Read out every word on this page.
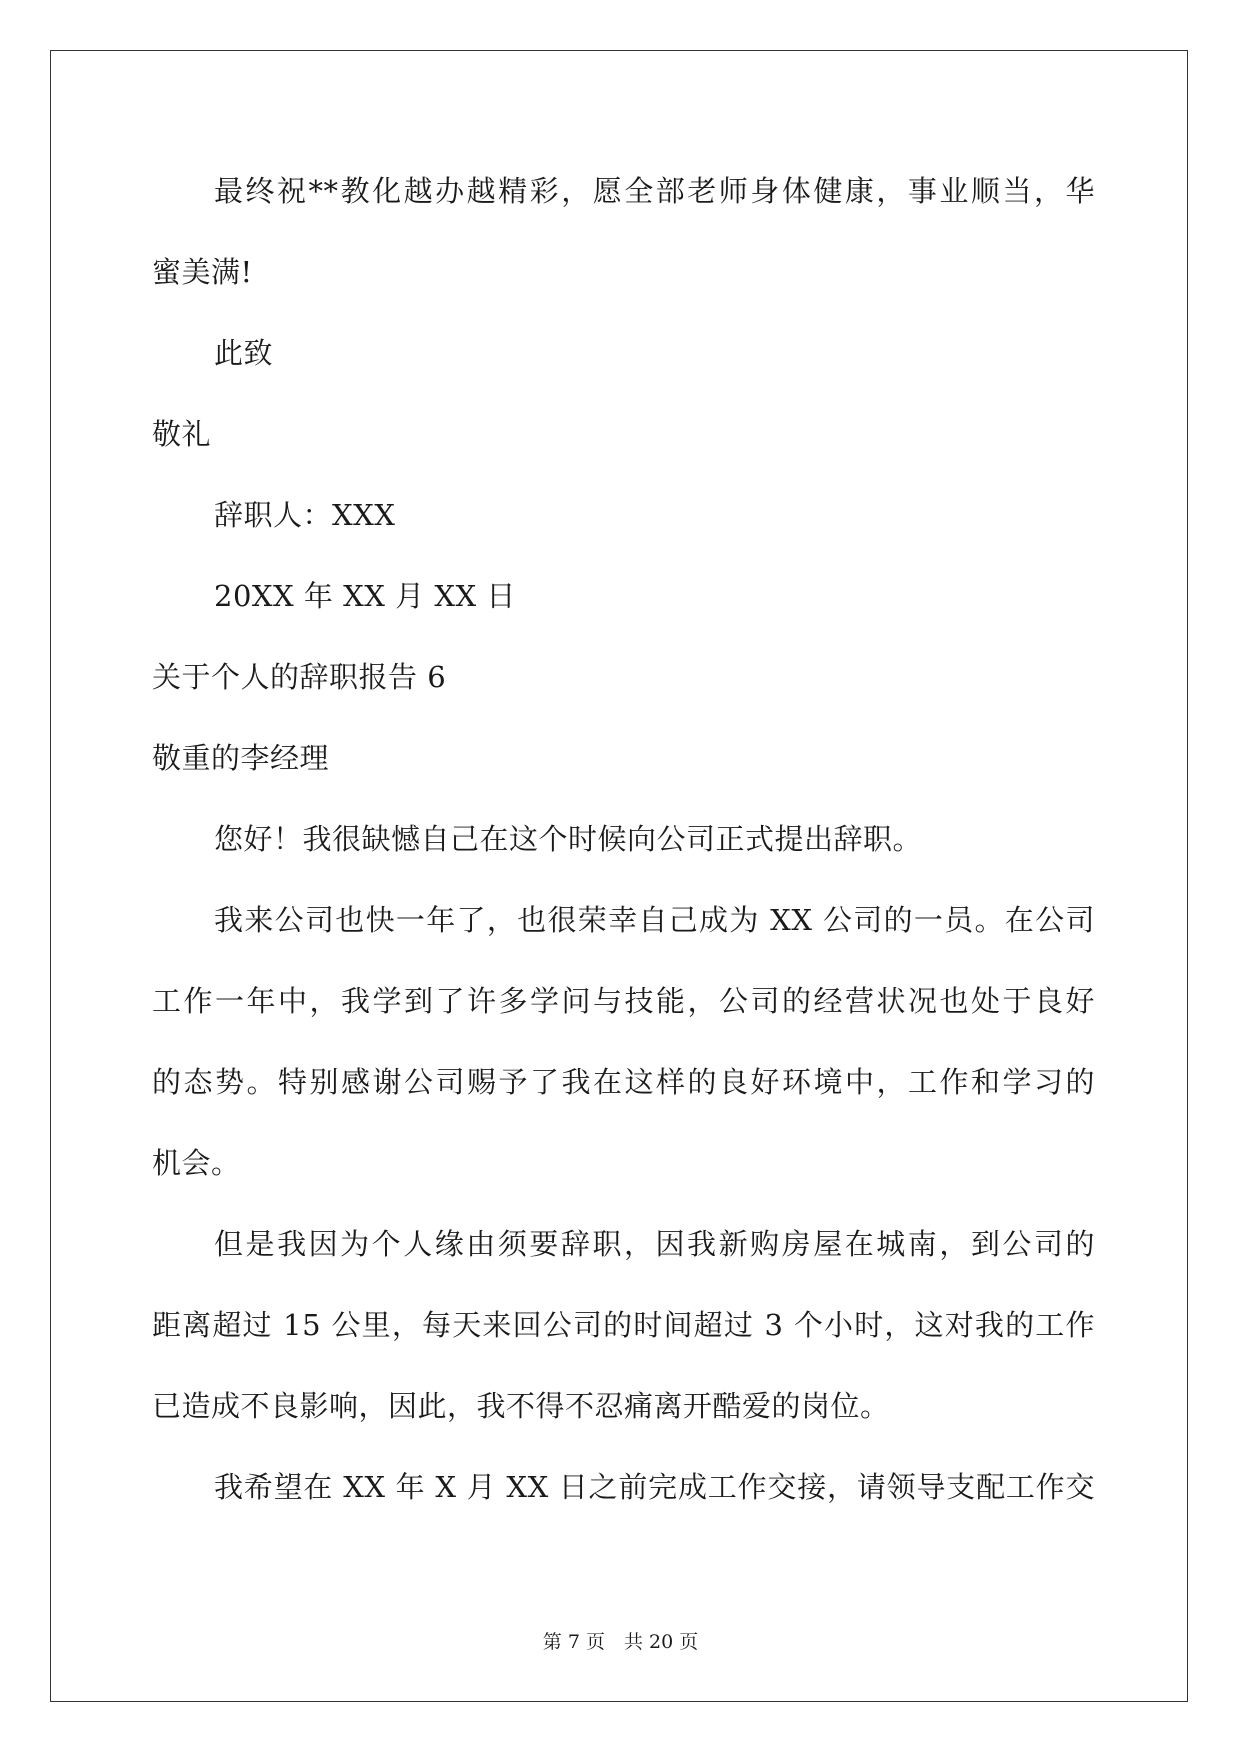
最终祝**教化越办越精彩，愿全部老师身体健康，事业顺当，华
蜜美满!
此致
敬礼
辞职人：XXX
20XX 年 XX 月 XX 日
关于个人的辞职报告 6
敬重的李经理
您好！我很缺憾自己在这个时候向公司正式提出辞职。
我来公司也快一年了，也很荣幸自己成为 XX 公司的一员。在公司
工作一年中，我学到了许多学问与技能，公司的经营状况也处于良好
的态势。特别感谢公司赐予了我在这样的良好环境中，工作和学习的
机会。
但是我因为个人缘由须要辞职，因我新购房屋在城南，到公司的
距离超过 15 公里，每天来回公司的时间超过 3 个小时，这对我的工作
已造成不良影响，因此，我不得不忍痛离开酷爱的岗位。
我希望在 XX 年 X 月 XX 日之前完成工作交接，请领导支配工作交
第 7 页　共 20 页
